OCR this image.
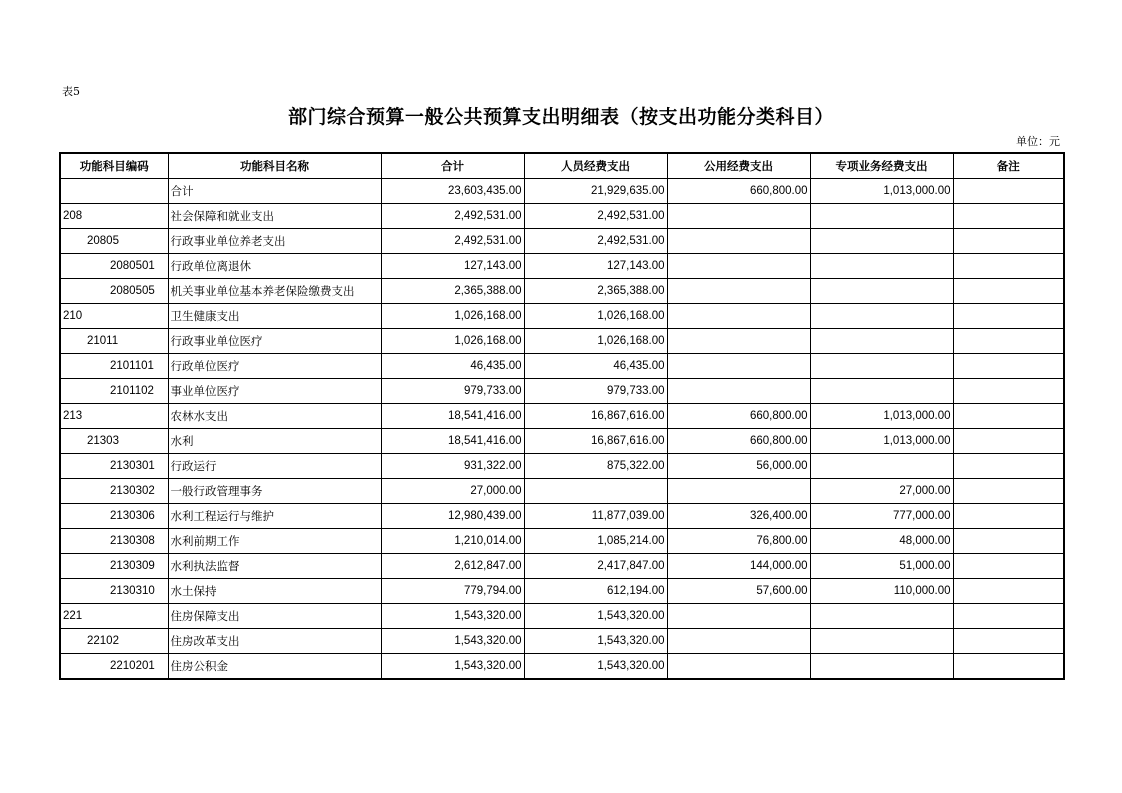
表5
部门综合预算一般公共预算支出明细表（按支出功能分类科目）
单位：元
功能科目编码	功能科目名称	合计	人员经费支出	公用经费支出	专项业务经费支出	备注
	合计	23,603,435.00	21,929,635.00	660,800.00	1,013,000.00	
208	社会保障和就业支出	2,492,531.00	2,492,531.00			
20805	行政事业单位养老支出	2,492,531.00	2,492,531.00			
2080501	行政单位离退休	127,143.00	127,143.00			
2080505	机关事业单位基本养老保险缴费支出	2,365,388.00	2,365,388.00			
210	卫生健康支出	1,026,168.00	1,026,168.00			
21011	行政事业单位医疗	1,026,168.00	1,026,168.00			
2101101	行政单位医疗	46,435.00	46,435.00			
2101102	事业单位医疗	979,733.00	979,733.00			
213	农林水支出	18,541,416.00	16,867,616.00	660,800.00	1,013,000.00	
21303	水利	18,541,416.00	16,867,616.00	660,800.00	1,013,000.00	
2130301	行政运行	931,322.00	875,322.00	56,000.00		
2130302	一般行政管理事务	27,000.00			27,000.00	
2130306	水利工程运行与维护	12,980,439.00	11,877,039.00	326,400.00	777,000.00	
2130308	水利前期工作	1,210,014.00	1,085,214.00	76,800.00	48,000.00	
2130309	水利执法监督	2,612,847.00	2,417,847.00	144,000.00	51,000.00	
2130310	水土保持	779,794.00	612,194.00	57,600.00	110,000.00	
221	住房保障支出	1,543,320.00	1,543,320.00			
22102	住房改革支出	1,543,320.00	1,543,320.00			
2210201	住房公积金	1,543,320.00	1,543,320.00			
